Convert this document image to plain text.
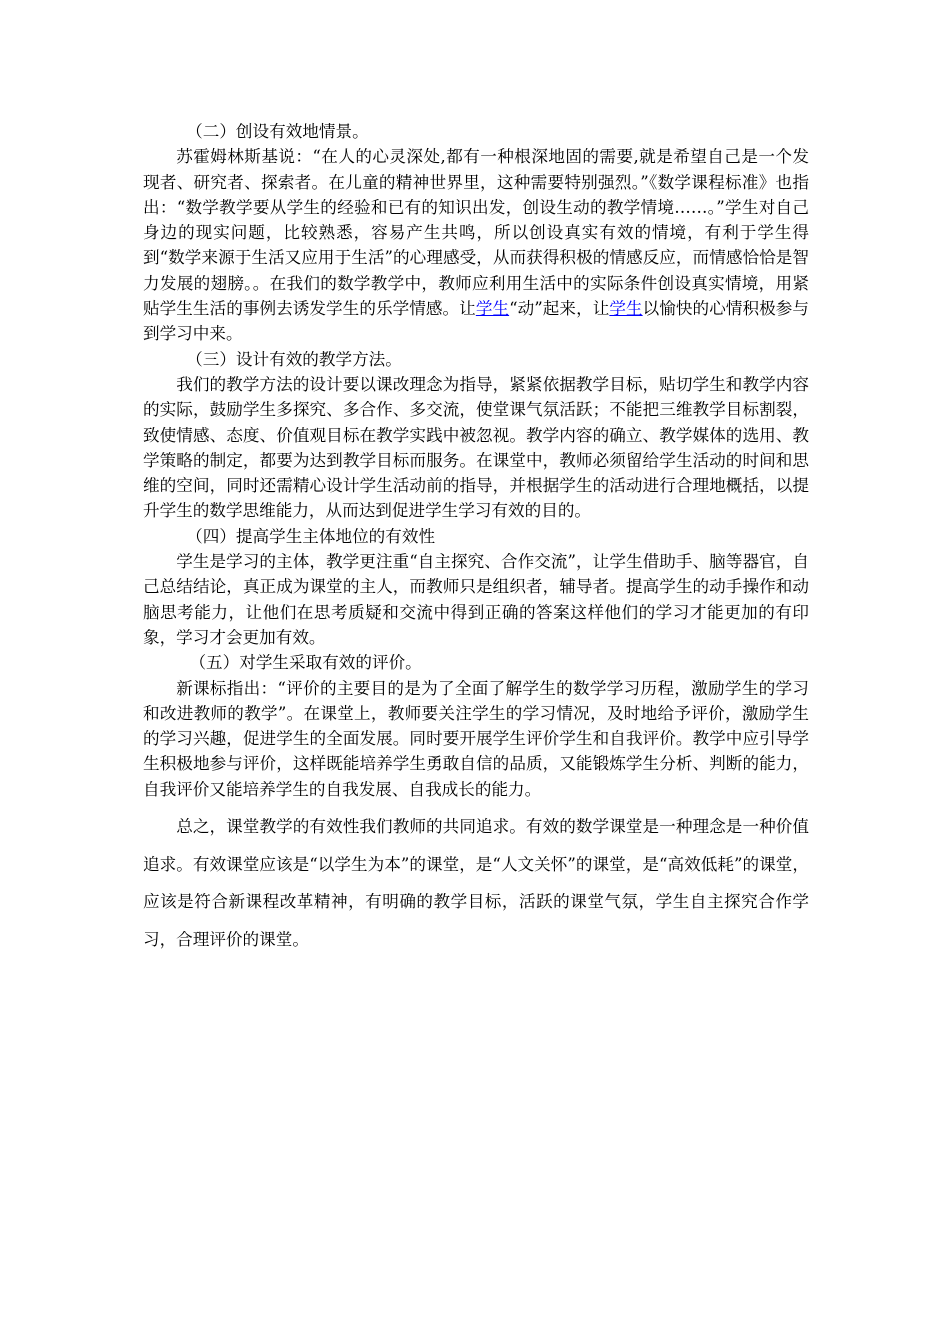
（二）创设有效地情景。

苏霍姆林斯基说：“在人的心灵深处,都有一种根深地固的需要,就是希望自己是一个发现者、研究者、探索者。在儿童的精神世界里，这种需要特别强烈。”《数学课程标准》也指出：“数学教学要从学生的经验和已有的知识出发，创设生动的教学情境……。”学生对自己身边的现实问题，比较熟悉，容易产生共鸣，所以创设真实有效的情境，有利于学生得到“数学来源于生活又应用于生活”的心理感受，从而获得积极的情感反应，而情感恰恰是智力发展的翅膀。。在我们的数学教学中，教师应利用生活中的实际条件创设真实情境，用紧贴学生生活的事例去诱发学生的乐学情感。让学生“动”起来，让学生以愉快的心情积极参与到学习中来。

（三）设计有效的教学方法。

我们的教学方法的设计要以课改理念为指导，紧紧依据教学目标，贴切学生和教学内容的实际，鼓励学生多探究、多合作、多交流，使堂课气氛活跃；不能把三维教学目标割裂，致使情感、态度、价值观目标在教学实践中被忽视。教学内容的确立、教学媒体的选用、教学策略的制定，都要为达到教学目标而服务。在课堂中，教师必须留给学生活动的时间和思维的空间，同时还需精心设计学生活动前的指导，并根据学生的活动进行合理地概括，以提升学生的数学思维能力，从而达到促进学生学习有效的目的。

（四）提高学生主体地位的有效性

学生是学习的主体，教学更注重“自主探究、合作交流”，让学生借助手、脑等器官，自己总结结论，真正成为课堂的主人，而教师只是组织者，辅导者。提高学生的动手操作和动脑思考能力，让他们在思考质疑和交流中得到正确的答案这样他们的学习才能更加的有印象，学习才会更加有效。

（五）对学生采取有效的评价。

新课标指出：“评价的主要目的是为了全面了解学生的数学学习历程，激励学生的学习和改进教师的教学”。在课堂上，教师要关注学生的学习情况，及时地给予评价，激励学生的学习兴趣，促进学生的全面发展。同时要开展学生评价学生和自我评价。教学中应引导学生积极地参与评价，这样既能培养学生勇敢自信的品质，又能锻炼学生分析、判断的能力，自我评价又能培养学生的自我发展、自我成长的能力。

总之，课堂教学的有效性我们教师的共同追求。有效的数学课堂是一种理念是一种价值追求。有效课堂应该是“以学生为本”的课堂，是“人文关怀”的课堂，是“高效低耗”的课堂，应该是符合新课程改革精神，有明确的教学目标，活跃的课堂气氛，学生自主探究合作学习，合理评价的课堂。
